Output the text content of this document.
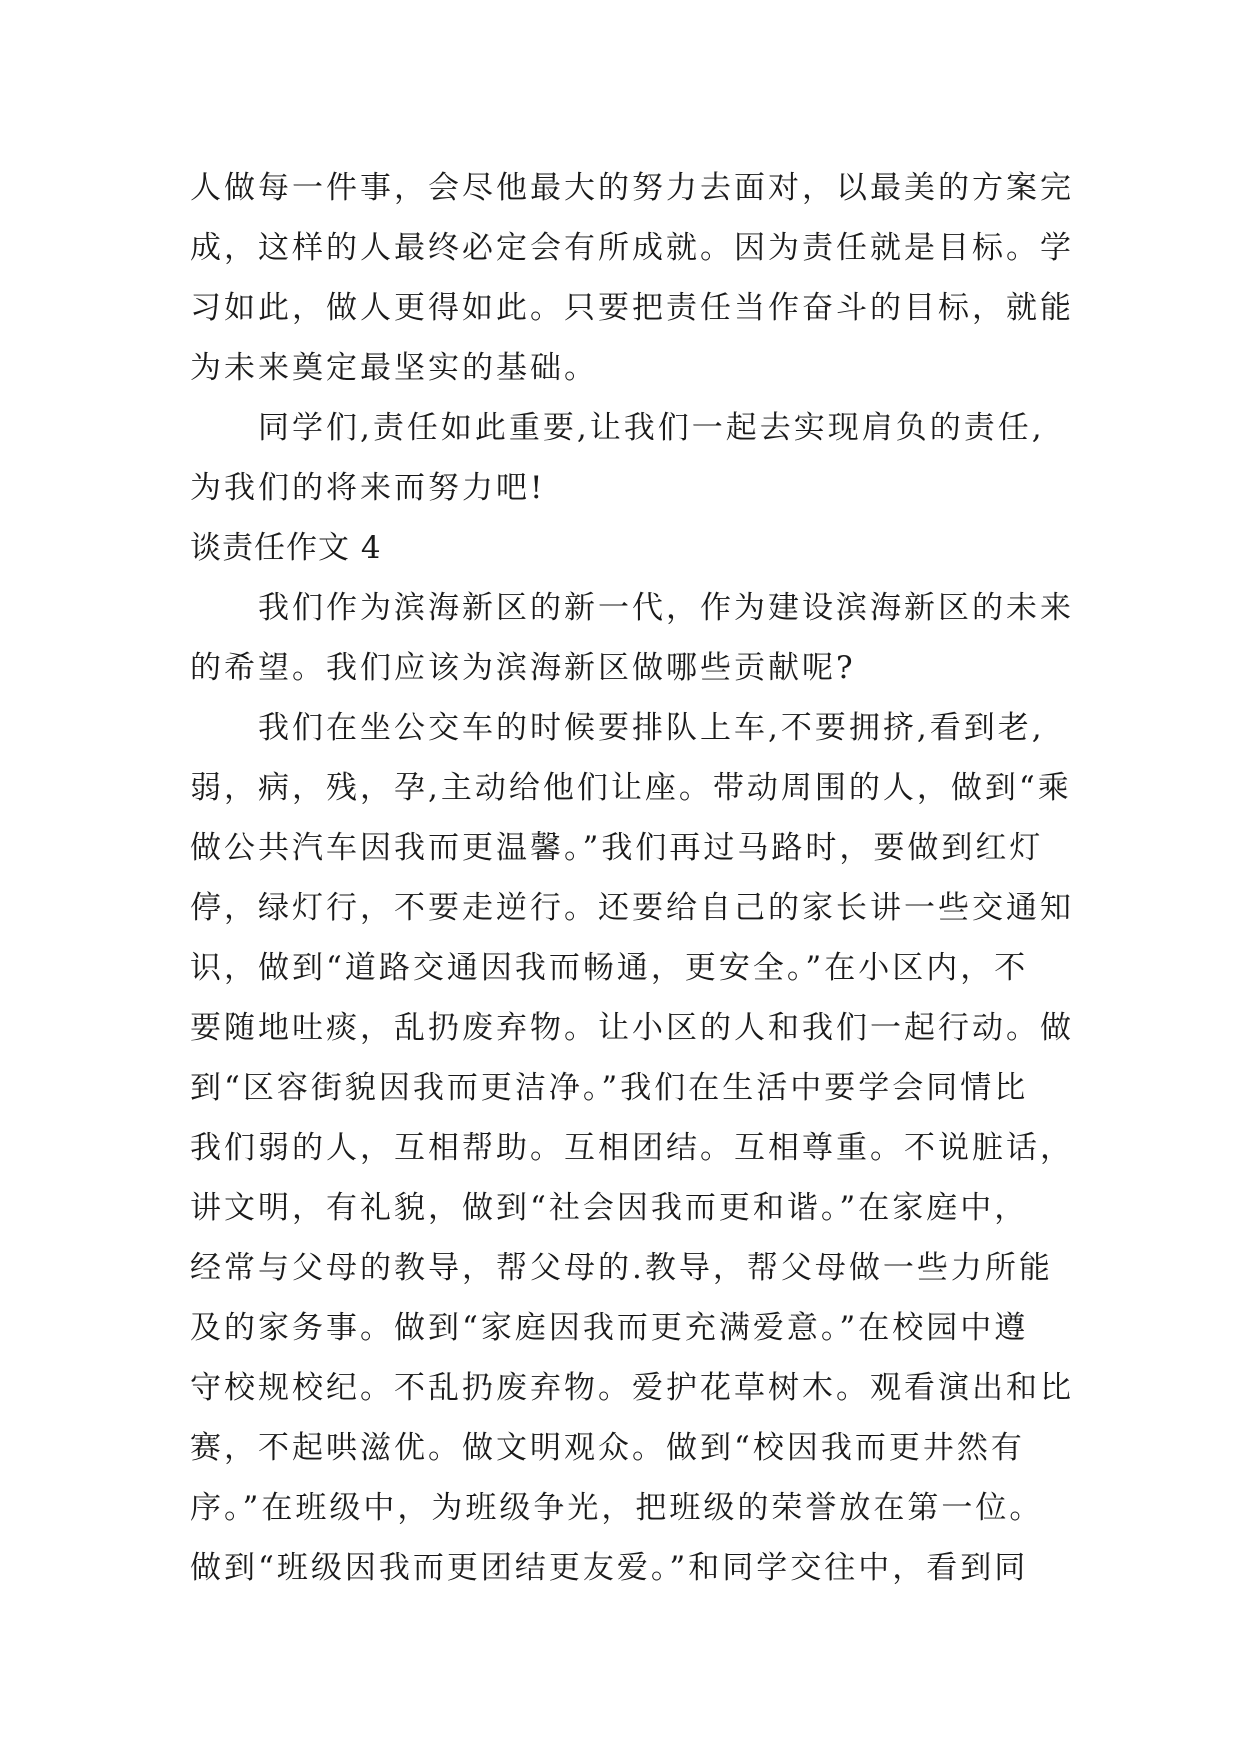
人做每一件事，会尽他最大的努力去面对，以最美的方案完
成，这样的人最终必定会有所成就。因为责任就是目标。学
习如此，做人更得如此。只要把责任当作奋斗的目标，就能
为未来奠定最坚实的基础。
同学们,责任如此重要,让我们一起去实现肩负的责任,
为我们的将来而努力吧!
谈责任作文 4
我们作为滨海新区的新一代，作为建设滨海新区的未来
的希望。我们应该为滨海新区做哪些贡献呢?
我们在坐公交车的时候要排队上车,不要拥挤,看到老,
弱，病，残，孕,主动给他们让座。带动周围的人，做到“乘
做公共汽车因我而更温馨。”我们再过马路时，要做到红灯
停，绿灯行，不要走逆行。还要给自己的家长讲一些交通知
识，做到“道路交通因我而畅通，更安全。”在小区内，不
要随地吐痰，乱扔废弃物。让小区的人和我们一起行动。做
到“区容街貌因我而更洁净。”我们在生活中要学会同情比
我们弱的人，互相帮助。互相团结。互相尊重。不说脏话，
讲文明，有礼貌，做到“社会因我而更和谐。”在家庭中，
经常与父母的教导，帮父母的.教导，帮父母做一些力所能
及的家务事。做到“家庭因我而更充满爱意。”在校园中遵
守校规校纪。不乱扔废弃物。爱护花草树木。观看演出和比
赛，不起哄滋优。做文明观众。做到“校因我而更井然有
序。”在班级中，为班级争光，把班级的荣誉放在第一位。
做到“班级因我而更团结更友爱。”和同学交往中，看到同
